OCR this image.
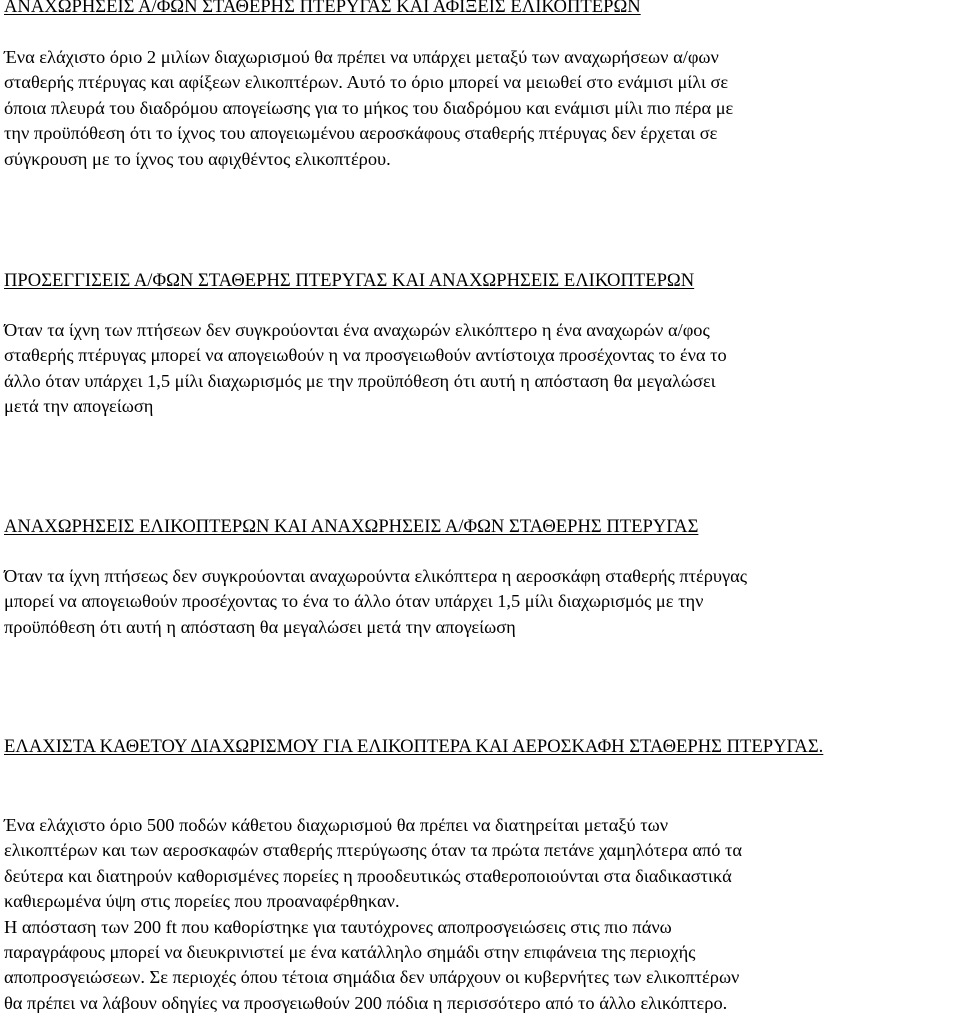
ΑΝΑΧΩΡΗΣΕΙΣ Α/ΦΩΝ ΣΤΑΘΕΡΗΣ ΠΤΕΡΥΓΑΣ ΚΑΙ ΑΦΙΞΕΙΣ ΕΛΙΚΟΠΤΕΡΩΝ
Ένα ελάχιστο όριο 2 μιλίων διαχωρισμού θα πρέπει να υπάρχει μεταξύ των αναχωρήσεων α/φων
σταθερής πτέρυγας και αφίξεων ελικοπτέρων. Αυτό το όριο μπορεί να μειωθεί στο ενάμισι μίλι σε
όποια πλευρά του διαδρόμου απογείωσης για το μήκος του διαδρόμου και ενάμισι μίλι πιο πέρα με
την προϋπόθεση ότι το ίχνος του απογειωμένου αεροσκάφους σταθερής πτέρυγας δεν έρχεται σε
σύγκρουση με το ίχνος του αφιχθέντος ελικοπτέρου.
ΠΡΟΣΕΓΓΙΣΕΙΣ Α/ΦΩΝ ΣΤΑΘΕΡΗΣ ΠΤΕΡΥΓΑΣ ΚΑΙ ΑΝΑΧΩΡΗΣΕΙΣ ΕΛΙΚΟΠΤΕΡΩΝ
Όταν τα ίχνη των πτήσεων δεν συγκρούονται ένα αναχωρών ελικόπτερο η ένα αναχωρών α/φος
σταθερής πτέρυγας μπορεί να απογειωθούν η να προσγειωθούν αντίστοιχα προσέχοντας το ένα το
άλλο όταν υπάρχει 1,5 μίλι διαχωρισμός με την προϋπόθεση ότι αυτή η απόσταση θα μεγαλώσει
μετά την απογείωση
ΑΝΑΧΩΡΗΣΕΙΣ ΕΛΙΚΟΠΤΕΡΩΝ ΚΑΙ ΑΝΑΧΩΡΗΣΕΙΣ Α/ΦΩΝ ΣΤΑΘΕΡΗΣ ΠΤΕΡΥΓΑΣ
Όταν τα ίχνη πτήσεως δεν συγκρούονται αναχωρούντα ελικόπτερα η αεροσκάφη σταθερής πτέρυγας
μπορεί να απογειωθούν προσέχοντας το ένα το άλλο όταν υπάρχει 1,5 μίλι διαχωρισμός με την
προϋπόθεση ότι αυτή η απόσταση θα μεγαλώσει μετά την απογείωση
ΕΛΑΧΙΣΤΑ ΚΑΘΕΤΟΥ ΔΙΑΧΩΡΙΣΜΟΥ ΓΙΑ ΕΛΙΚΟΠΤΕΡΑ ΚΑΙ ΑΕΡΟΣΚΑΦΗ ΣΤΑΘΕΡΗΣ ΠΤΕΡΥΓΑΣ.
Ένα ελάχιστο όριο 500 ποδών κάθετου διαχωρισμού θα πρέπει να διατηρείται μεταξύ των
ελικοπτέρων και των αεροσκαφών σταθερής πτερύγωσης όταν τα πρώτα πετάνε χαμηλότερα από τα
δεύτερα και διατηρούν καθορισμένες πορείες η προοδευτικώς σταθεροποιούνται στα διαδικαστικά
καθιερωμένα ύψη στις πορείες που προαναφέρθηκαν.
Η απόσταση των 200 ft που καθορίστηκε για ταυτόχρονες αποπροσγειώσεις στις πιο πάνω
παραγράφους μπορεί να διευκρινιστεί με ένα κατάλληλο σημάδι στην επιφάνεια της περιοχής
αποπροσγειώσεων. Σε περιοχές όπου τέτοια σημάδια δεν υπάρχουν οι κυβερνήτες των ελικοπτέρων
θα πρέπει να λάβουν οδηγίες να προσγειωθούν 200 πόδια η περισσότερο από το άλλο ελικόπτερο.
